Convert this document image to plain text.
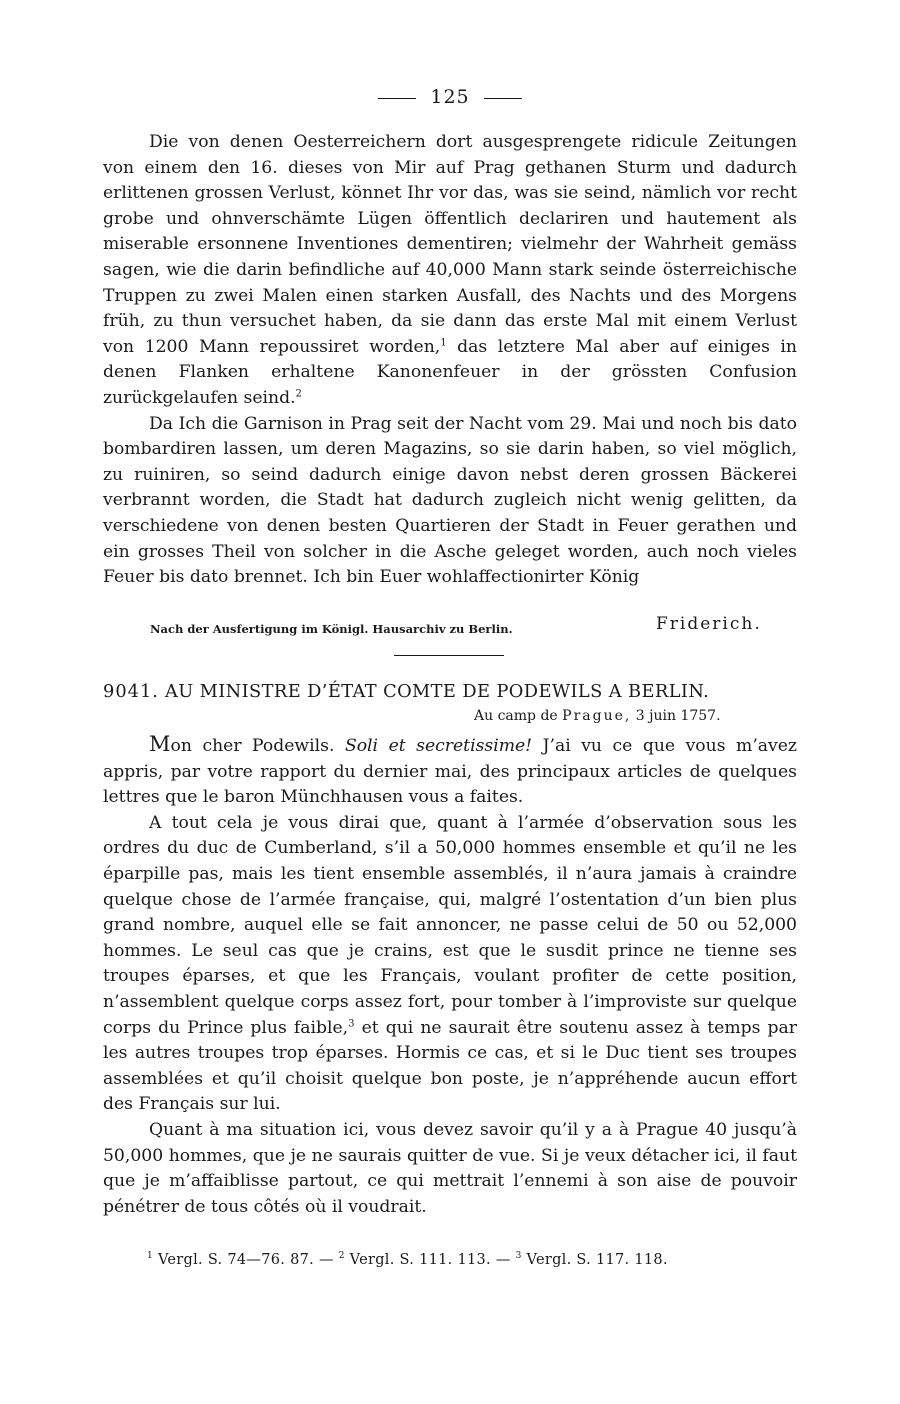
125

Die von denen Oesterreichern dort ausgesprengete ridicule Zeitungen von einem den 16. dieses von Mir auf Prag gethanen Sturm und dadurch erlittenen grossen Verlust, könnet Ihr vor das, was sie seind, nämlich vor recht grobe und ohnverschämte Lügen öffentlich declariren und hautement als miserable ersonnene Inventiones dementiren; vielmehr der Wahrheit gemäss sagen, wie die darin befindliche auf 40,000 Mann stark seinde österreichische Truppen zu zwei Malen einen starken Ausfall, des Nachts und des Morgens früh, zu thun versuchet haben, da sie dann das erste Mal mit einem Verlust von 1200 Mann repoussiret worden,$^1$ das letztere Mal aber auf einiges in denen Flanken erhaltene Kanonenfeuer in der grössten Confusion zurückgelaufen seind.$^2$

Da Ich die Garnison in Prag seit der Nacht vom 29. Mai und noch bis dato bombardiren lassen, um deren Magazins, so sie darin haben, so viel möglich, zu ruiniren, so seind dadurch einige davon nebst deren grossen Bäckerei verbrannt worden, die Stadt hat dadurch zugleich nicht wenig gelitten, da verschiedene von denen besten Quartieren der Stadt in Feuer gerathen und ein grosses Theil von solcher in die Asche geleget worden, auch noch vieles Feuer bis dato brennet. Ich bin Euer wohlaffectionirter König

Nach der Ausfertigung im Königl. Hausarchiv zu Berlin.	Friderich.
9041. AU MINISTRE D’ÉTAT COMTE DE PODEWILS A BERLIN.
Au camp de Prague, 3 juin 1757.

Mon cher Podewils. Soli et secretissime! J’ai vu ce que vous m’avez appris, par votre rapport du dernier mai, des principaux articles de quelques lettres que le baron Münchhausen vous a faites.

A tout cela je vous dirai que, quant à l’armée d’observation sous les ordres du duc de Cumberland, s’il a 50,000 hommes ensemble et qu’il ne les éparpille pas, mais les tient ensemble assemblés, il n’aura jamais à craindre quelque chose de l’armée française, qui, malgré l’ostentation d’un bien plus grand nombre, auquel elle se fait annoncer, ne passe celui de 50 ou 52,000 hommes. Le seul cas que je crains, est que le susdit prince ne tienne ses troupes éparses, et que les Français, voulant profiter de cette position, n’assemblent quelque corps assez fort, pour tomber à l’improviste sur quelque corps du Prince plus faible,$^3$ et qui ne saurait être soutenu assez à temps par les autres troupes trop éparses. Hormis ce cas, et si le Duc tient ses troupes assemblées et qu’il choisit quelque bon poste, je n’appréhende aucun effort des Français sur lui.

Quant à ma situation ici, vous devez savoir qu’il y a à Prague 40 jusqu’à 50,000 hommes, que je ne saurais quitter de vue. Si je veux détacher ici, il faut que je m’affaiblisse partout, ce qui mettrait l’ennemi à son aise de pouvoir pénétrer de tous côtés où il voudrait.

$^1$ Vergl. S. 74—76. 87. — $^2$ Vergl. S. 111. 113. — $^3$ Vergl. S. 117. 118.
